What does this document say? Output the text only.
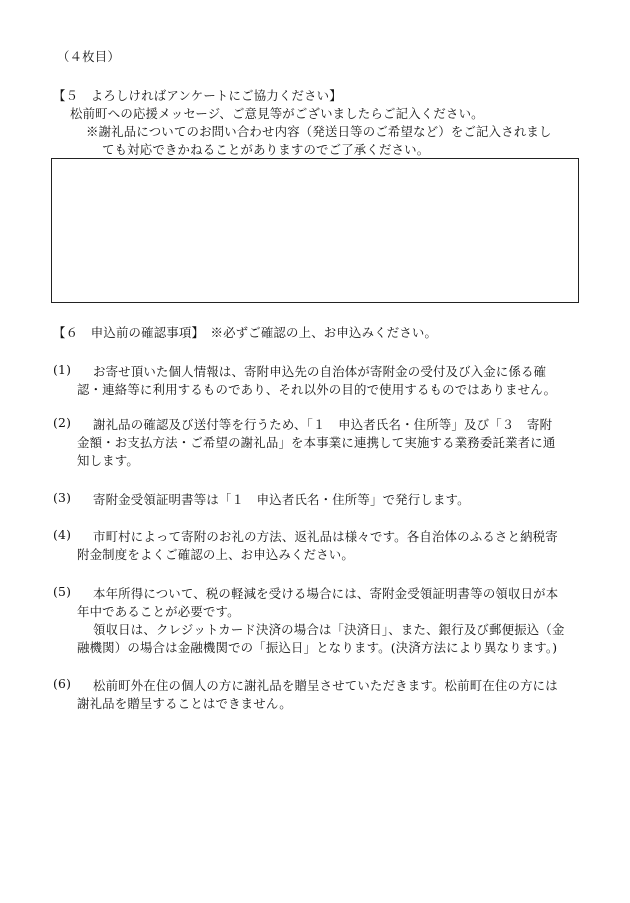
（４枚目）
【５　よろしければアンケートにご協力ください】
松前町への応援メッセージ、ご意見等がございましたらご記入ください。
※謝礼品についてのお問い合わせ内容（発送日等のご希望など）をご記入されまし
ても対応できかねることがありますのでご了承ください。
【６　申込前の確認事項】　※必ずご確認の上、お申込みください。
(1) お寄せ頂いた個人情報は、寄附申込先の自治体が寄附金の受付及び入金に係る確
認・連絡等に利用するものであり、それ以外の目的で使用するものではありません。
(2) 謝礼品の確認及び送付等を行うため、「１　申込者氏名・住所等」及び「３　寄附
金額・お支払方法・ご希望の謝礼品」を本事業に連携して実施する業務委託業者に通
知します。
(3) 寄附金受領証明書等は「１　申込者氏名・住所等」で発行します。
(4) 市町村によって寄附のお礼の方法、返礼品は様々です。各自治体のふるさと納税寄
附金制度をよくご確認の上、お申込みください。
(5) 本年所得について、税の軽減を受ける場合には、寄附金受領証明書等の領収日が本
年中であることが必要です。
領収日は、クレジットカード決済の場合は「決済日」、また、銀行及び郵便振込（金
融機関）の場合は金融機関での「振込日」となります。(決済方法により異なります。)
(6) 松前町外在住の個人の方に謝礼品を贈呈させていただきます。松前町在住の方には
謝礼品を贈呈することはできません。
